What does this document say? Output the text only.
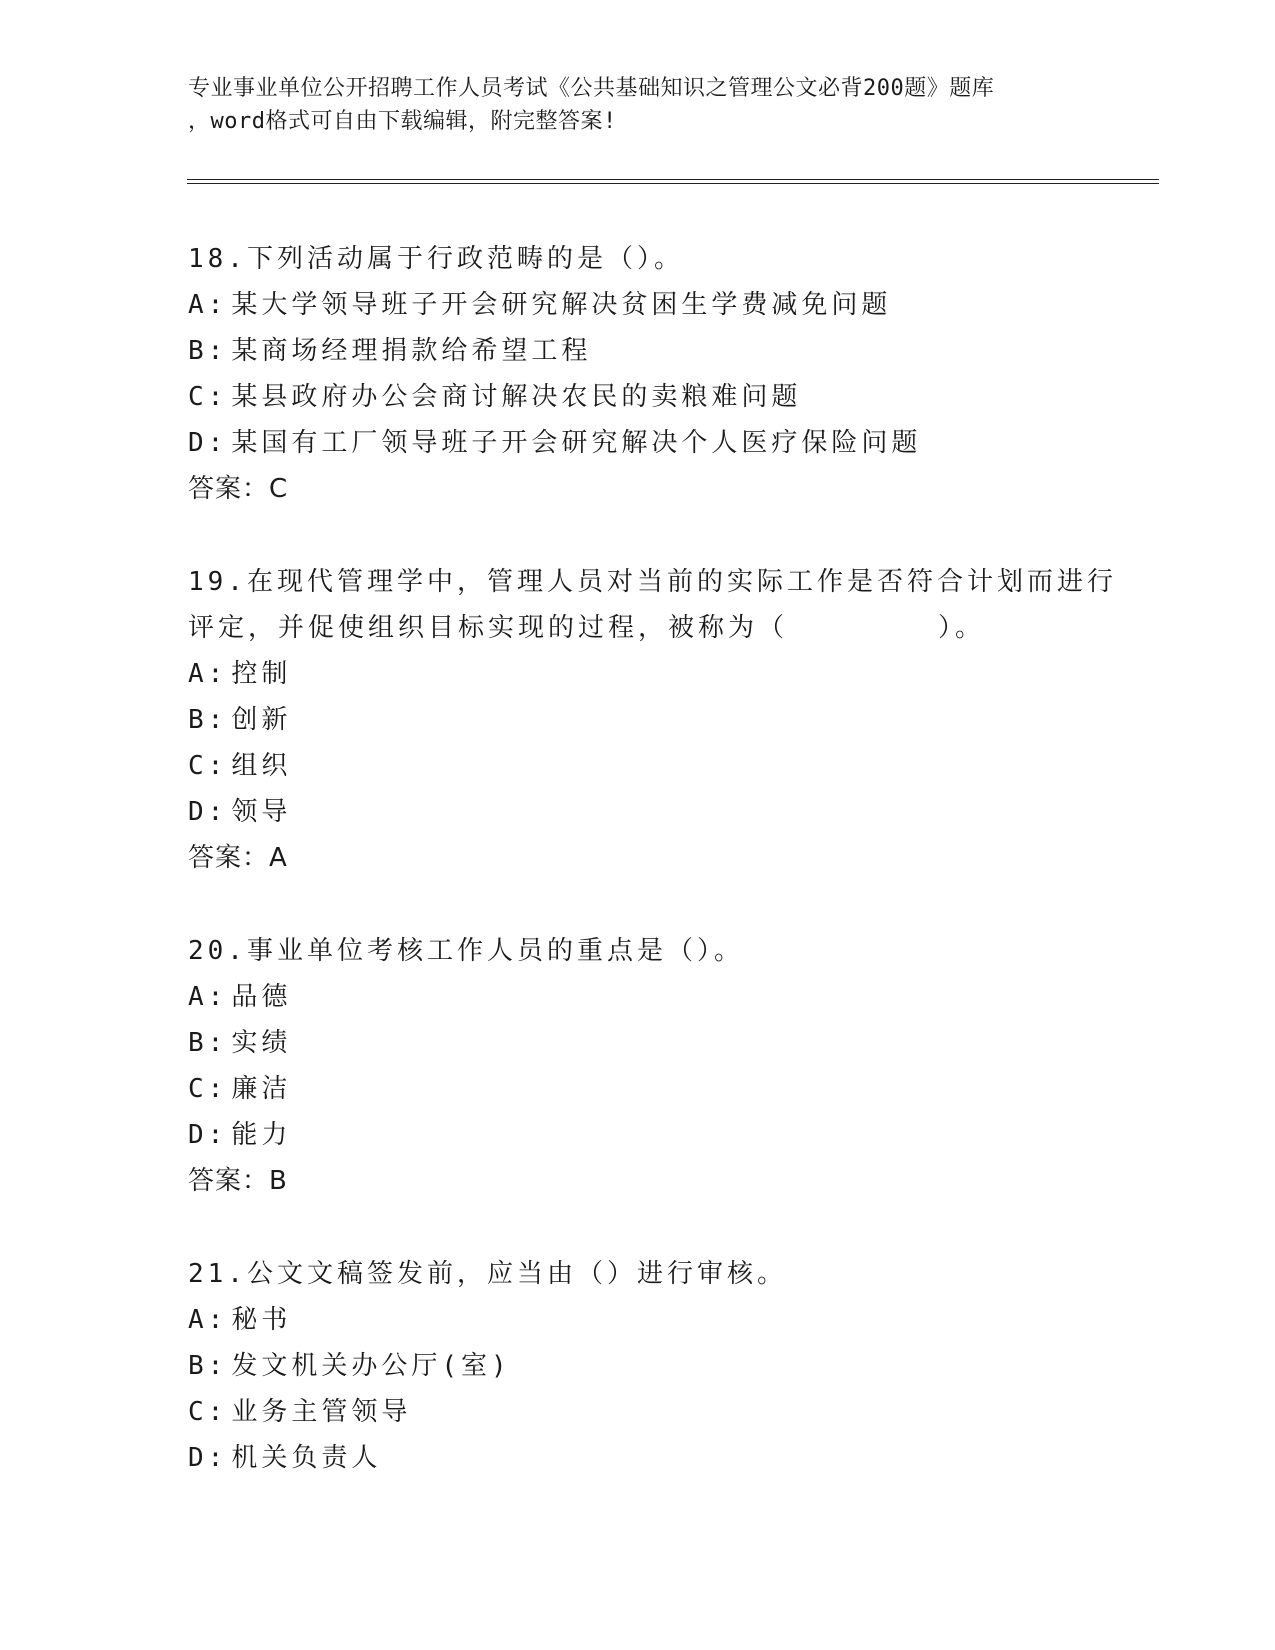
专业事业单位公开招聘工作人员考试《公共基础知识之管理公文必背200题》题库
，word格式可自由下载编辑，附完整答案!
18.下列活动属于行政范畴的是（）。
A: 某大学领导班子开会研究解决贫困生学费减免问题
B: 某商场经理捐款给希望工程
C: 某县政府办公会商讨解决农民的卖粮难问题
D: 某国有工厂领导班子开会研究解决个人医疗保险问题
答案：C
19.在现代管理学中，管理人员对当前的实际工作是否符合计划而进行
评定，并促使组织目标实现的过程，被称为（　　　　　）。
A: 控制
B: 创新
C: 组织
D: 领导
答案：A
20.事业单位考核工作人员的重点是（）。
A: 品德
B: 实绩
C: 廉洁
D: 能力
答案：B
21.公文文稿签发前，应当由（）进行审核。
A: 秘书
B: 发文机关办公厅(室)
C: 业务主管领导
D: 机关负责人
